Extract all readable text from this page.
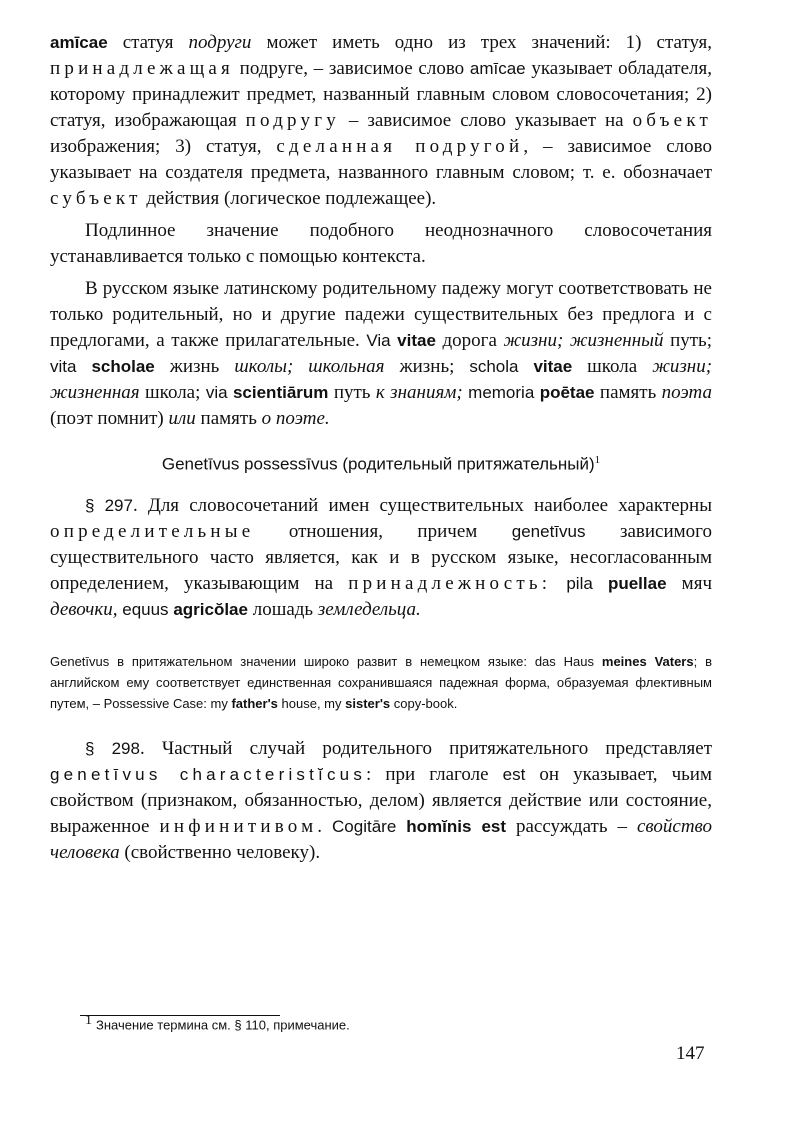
amīcae статуя подруги может иметь одно из трех значений: 1) статуя, принадлежащая подруге, – зависимое слово amīcae указывает обладателя, которому принадлежит предмет, названный главным словом словосочетания; 2) статуя, изображающая подругу – зависимое слово указывает на объект изображения; 3) статуя, сделанная подругой, – зависимое слово указывает на создателя предмета, названного главным словом; т. е. обозначает субъект действия (логическое подлежащее).

Подлинное значение подобного неоднозначного словосочетания устанавливается только с помощью контекста.

В русском языке латинскому родительному падежу могут соответствовать не только родительный, но и другие падежи существительных без предлога и с предлогами, а также прилагательные. Via vitae дорога жизни; жизненный путь; vita scholae жизнь школы; школьная жизнь; schola vitae школа жизни; жизненная школа; via scientiārum путь к знаниям; memoria poētae память поэта (поэт помнит) или память о поэте.

Genetīvus possessīvus (родительный притяжательный)$^1$

§ 297. Для словосочетаний имен существительных наиболее характерны определительные отношения, причем genetīvus зависимого существительного часто является, как и в русском языке, несогласованным определением, указывающим на принадлежность: pila puellae мяч девочки, equus agricŏlae лошадь земледельца.

Genetīvus в притяжательном значении широко развит в немецком языке: das Haus meines Vaters; в английском ему соответствует единственная сохранившаяся падежная форма, образуемая флективным путем, – Possessive Case: my father's house, my sister's copy-book.

§ 298. Частный случай родительного притяжательного представляет genetīvus characteristĭcus: при глаголе est он указывает, чьим свойством (признаком, обязанностью, делом) является действие или состояние, выраженное инфинитивом. Cogitāre homĭnis est рассуждать – свойство человека (свойственно человеку).

$^1$ Значение термина см. § 110, примечание.
147
